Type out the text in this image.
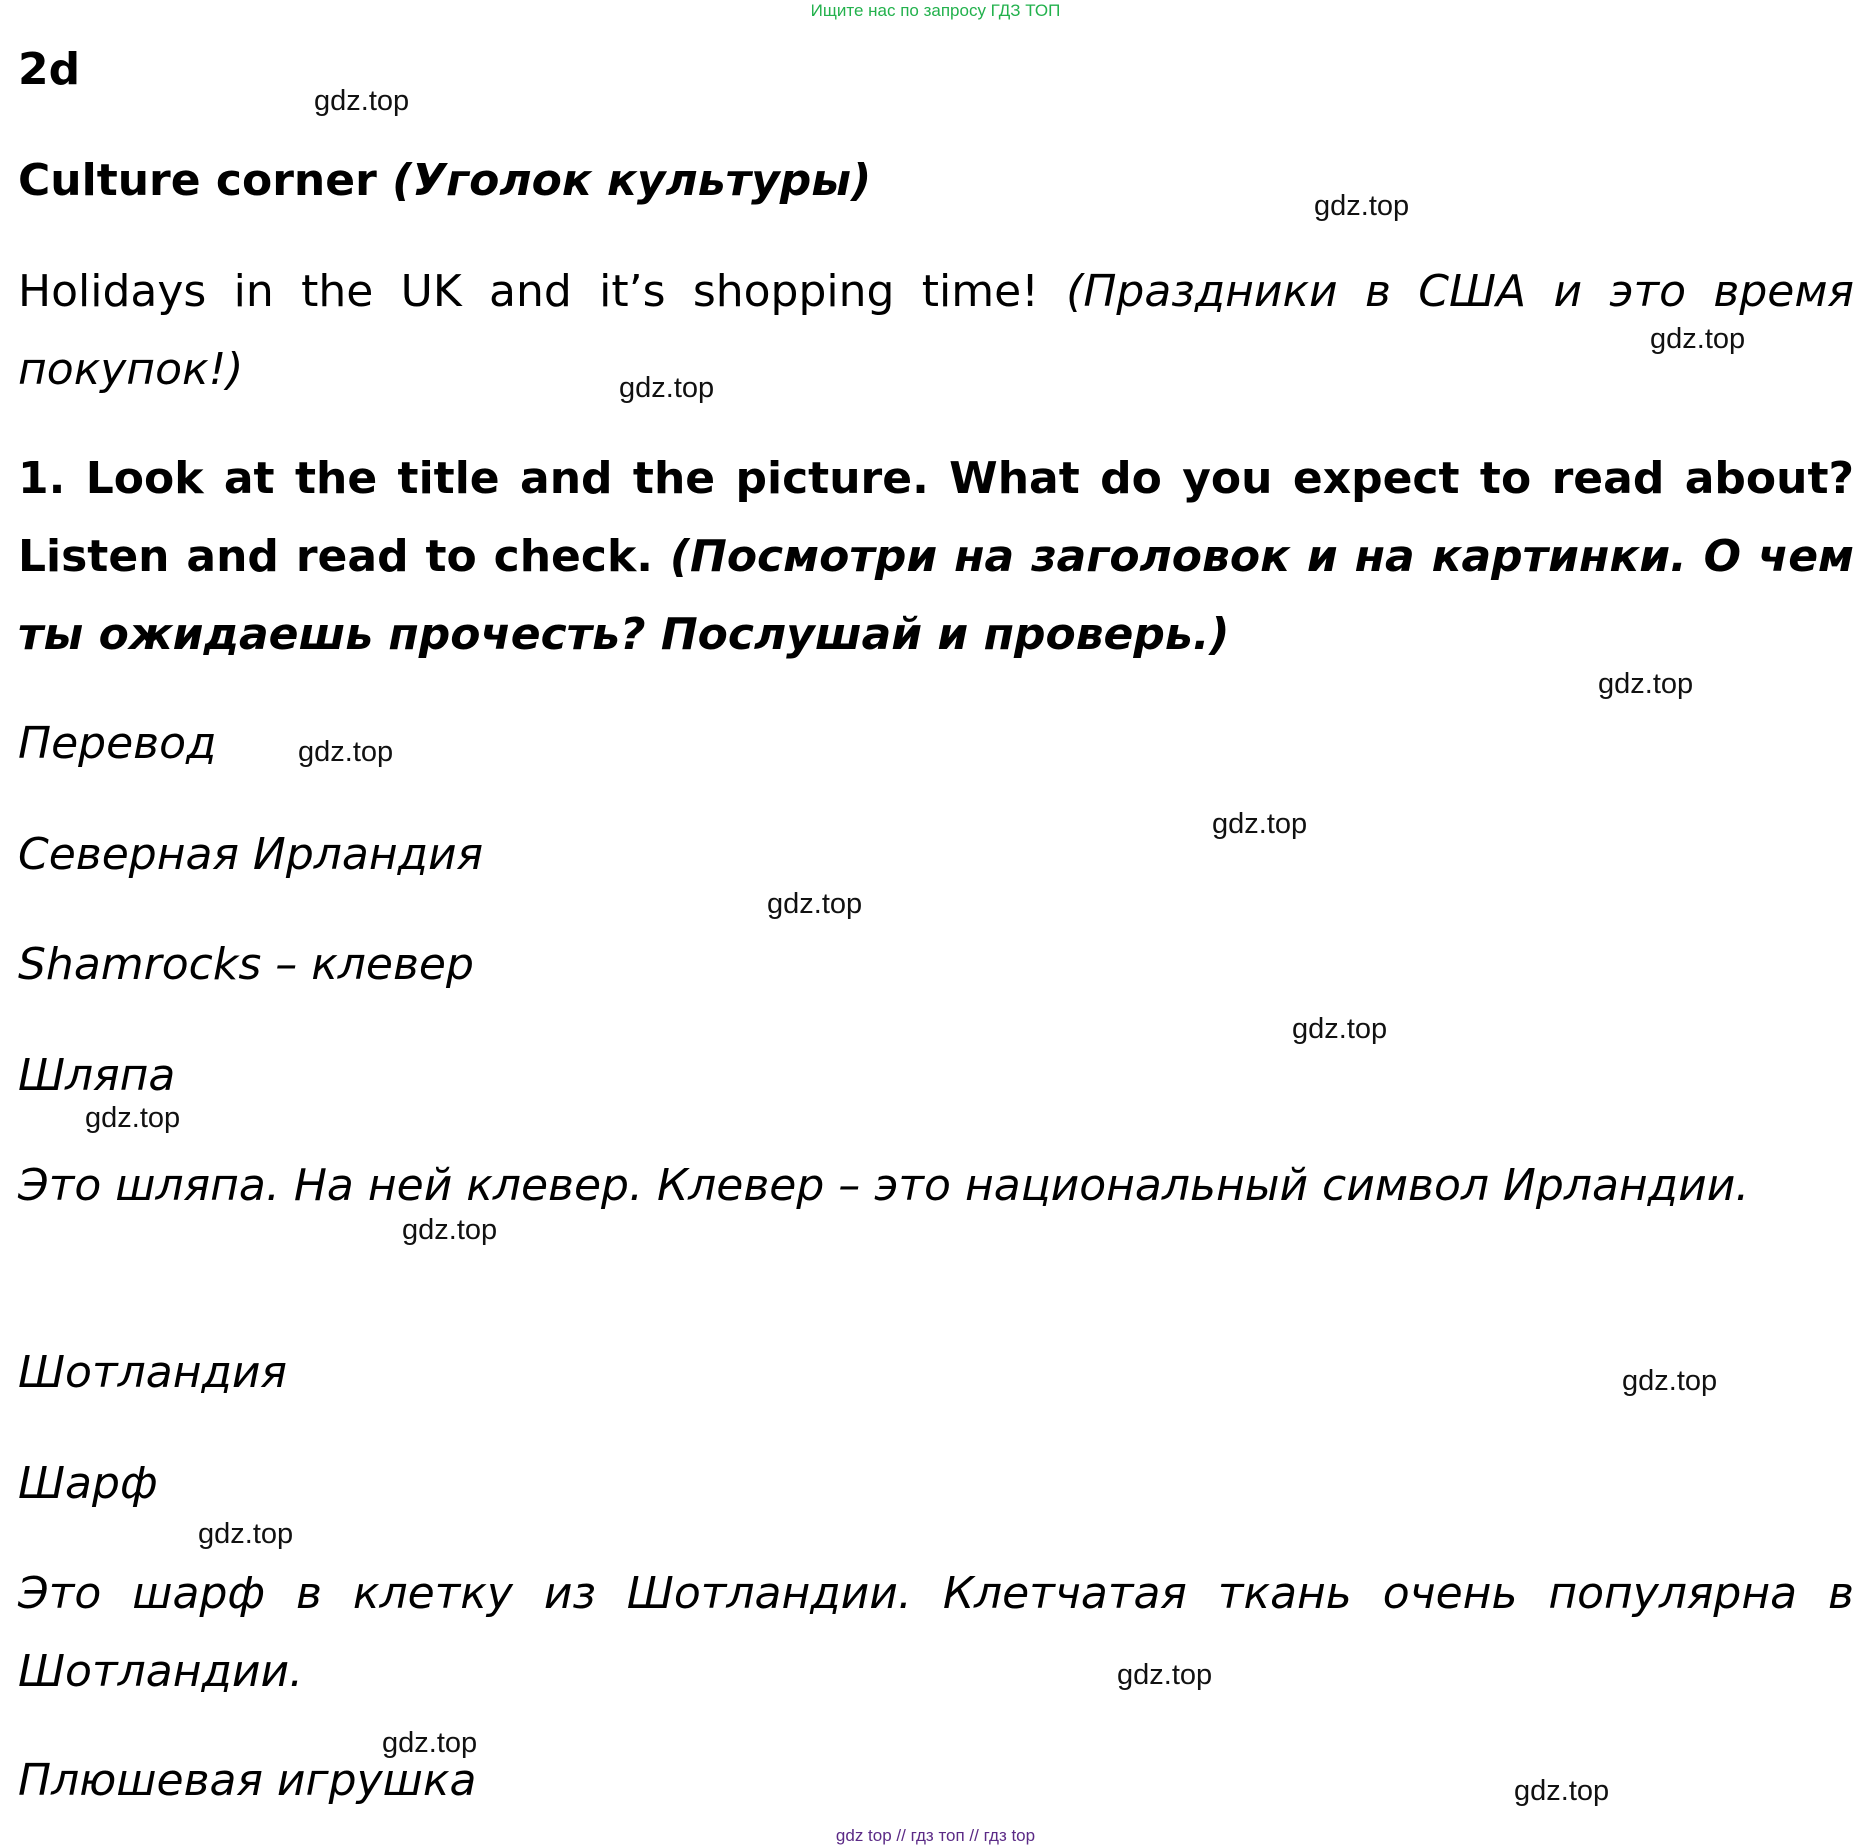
Ищите нас по запросу ГДЗ ТОП
2d
Culture corner (Уголок культуры)
Holidays in the UK and it’s shopping time! (Праздники в США и это время покупок!)
1. Look at the title and the picture. What do you expect to read about? Listen and read to check. (Посмотри на заголовок и на картинки. О чем ты ожидаешь прочесть? Послушай и проверь.)
Перевод
Северная Ирландия
Shamrocks – клевер
Шляпа
Это шляпа. На ней клевер. Клевер – это национальный символ Ирландии.
Шотландия
Шарф
Это шарф в клетку из Шотландии. Клетчатая ткань очень популярна в Шотландии.
Плюшевая игрушка
gdz.top
gdz.top
gdz.top
gdz.top
gdz.top
gdz.top
gdz.top
gdz.top
gdz.top
gdz.top
gdz.top
gdz.top
gdz.top
gdz.top
gdz.top
gdz.top
gdz top // гдз топ // гдз top
